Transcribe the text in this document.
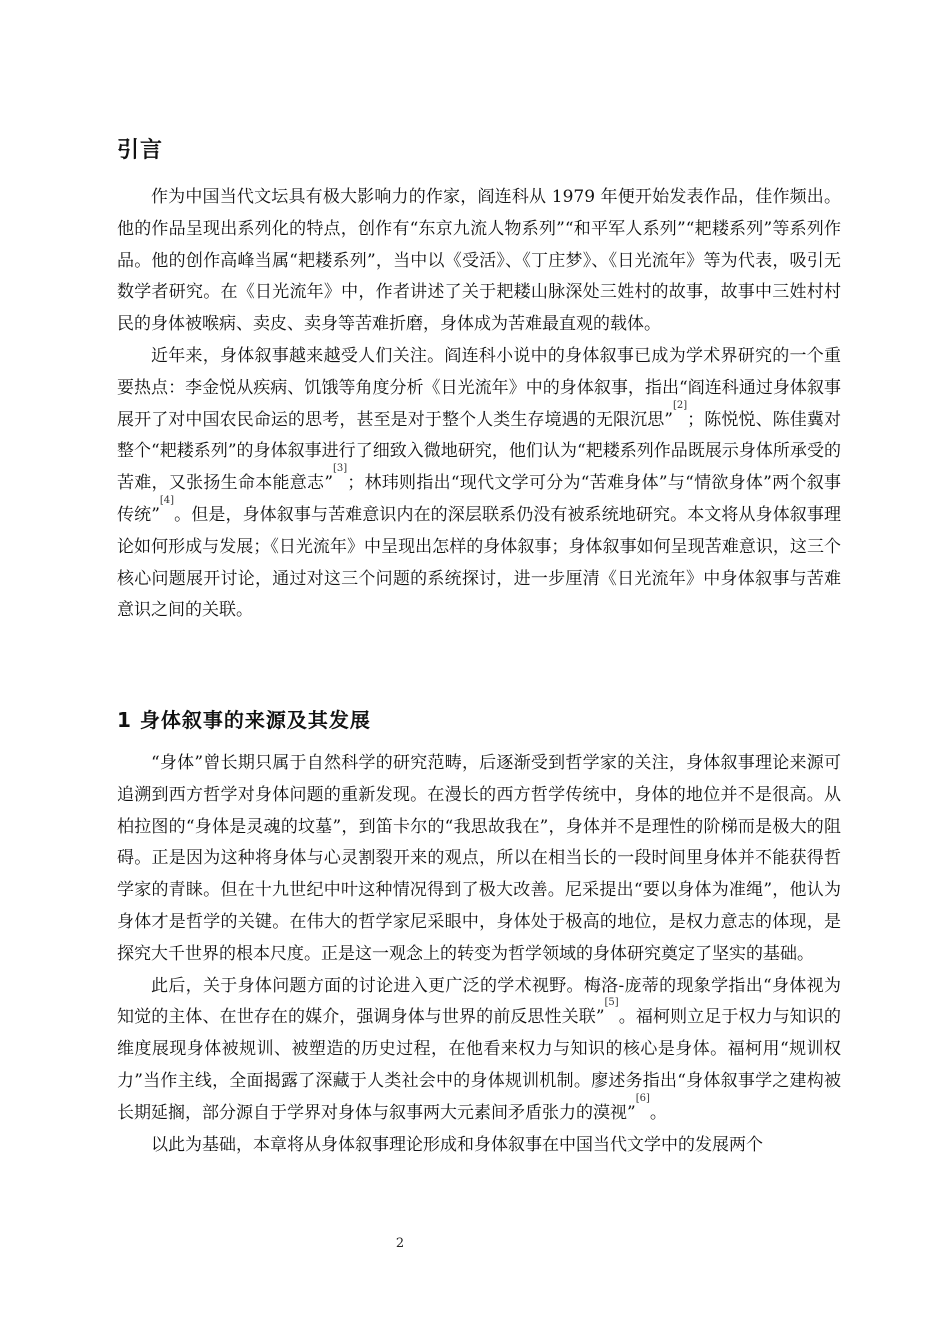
引言

作为中国当代文坛具有极大影响力的作家，阎连科从 1979 年便开始发表作品，佳作频出。他的作品呈现出系列化的特点，创作有“东京九流人物系列”“和平军人系列”“耙耧系列”等系列作品。他的创作高峰当属“耙耧系列”，当中以《受活》、《丁庄梦》、《日光流年》等为代表，吸引无数学者研究。在《日光流年》中，作者讲述了关于耙耧山脉深处三姓村的故事，故事中三姓村村民的身体被喉病、卖皮、卖身等苦难折磨，身体成为苦难最直观的载体。

近年来，身体叙事越来越受人们关注。阎连科小说中的身体叙事已成为学术界研究的一个重要热点：李金悦从疾病、饥饿等角度分析《日光流年》中的身体叙事，指出“阎连科通过身体叙事展开了对中国农民命运的思考，甚至是对于整个人类生存境遇的无限沉思”[2]；陈悦悦、陈佳冀对整个“耙耧系列”的身体叙事进行了细致入微地研究，他们认为“耙耧系列作品既展示身体所承受的苦难，又张扬生命本能意志”[3]；林玮则指出“现代文学可分为“苦难身体”与“情欲身体”两个叙事传统”[4]。但是，身体叙事与苦难意识内在的深层联系仍没有被系统地研究。本文将从身体叙事理论如何形成与发展；《日光流年》中呈现出怎样的身体叙事；身体叙事如何呈现苦难意识，这三个核心问题展开讨论，通过对这三个问题的系统探讨，进一步厘清《日光流年》中身体叙事与苦难意识之间的关联。

1 身体叙事的来源及其发展

“身体”曾长期只属于自然科学的研究范畴，后逐渐受到哲学家的关注，身体叙事理论来源可追溯到西方哲学对身体问题的重新发现。在漫长的西方哲学传统中，身体的地位并不是很高。从柏拉图的“身体是灵魂的坟墓”，到笛卡尔的“我思故我在”，身体并不是理性的阶梯而是极大的阻碍。正是因为这种将身体与心灵割裂开来的观点，所以在相当长的一段时间里身体并不能获得哲学家的青睐。但在十九世纪中叶这种情况得到了极大改善。尼采提出“要以身体为准绳”，他认为身体才是哲学的关键。在伟大的哲学家尼采眼中，身体处于极高的地位，是权力意志的体现，是探究大千世界的根本尺度。正是这一观念上的转变为哲学领域的身体研究奠定了坚实的基础。

此后，关于身体问题方面的讨论进入更广泛的学术视野。梅洛-庞蒂的现象学指出“身体视为知觉的主体、在世存在的媒介，强调身体与世界的前反思性关联”[5]。福柯则立足于权力与知识的维度展现身体被规训、被塑造的历史过程，在他看来权力与知识的核心是身体。福柯用“规训权力”当作主线，全面揭露了深藏于人类社会中的身体规训机制。廖述务指出“身体叙事学之建构被长期延搁，部分源自于学界对身体与叙事两大元素间矛盾张力的漠视”[6]。

以此为基础，本章将从身体叙事理论形成和身体叙事在中国当代文学中的发展两个

2
